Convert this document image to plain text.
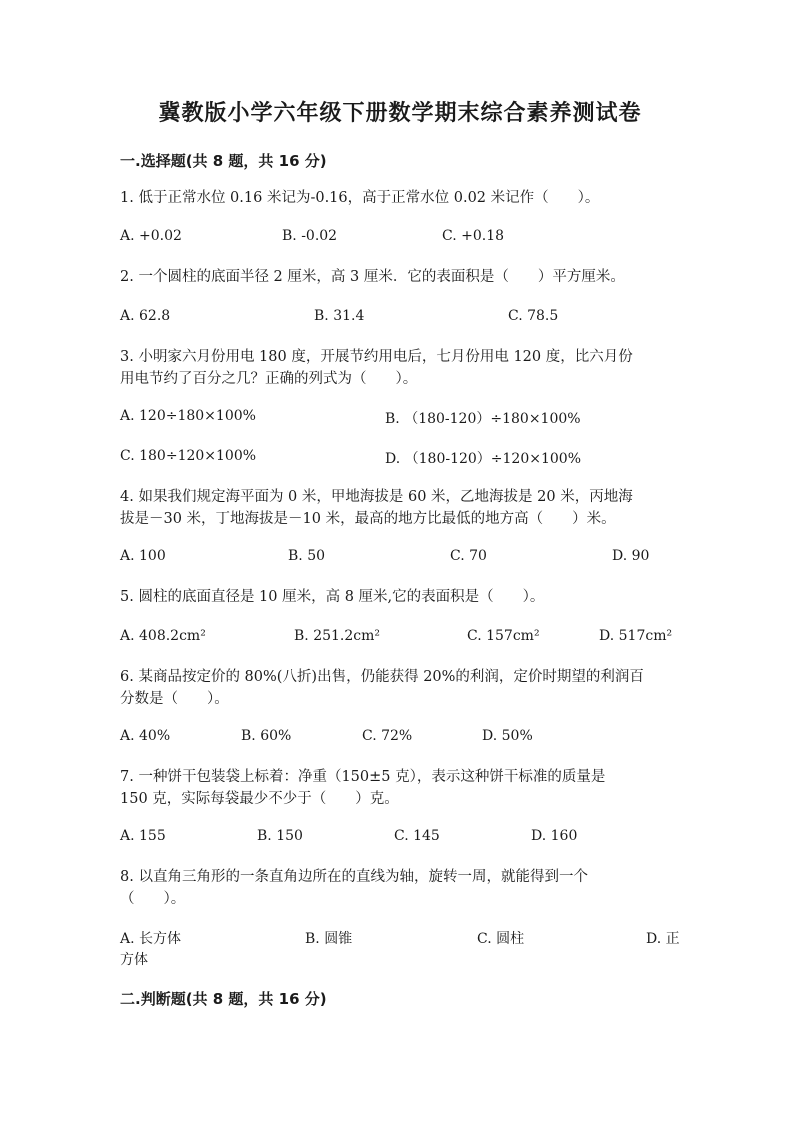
冀教版小学六年级下册数学期末综合素养测试卷
一.选择题(共 8 题，共 16 分)
1. 低于正常水位 0.16 米记为-0.16，高于正常水位 0.02 米记作（　　）。
A. +0.02	B. -0.02	C. +0.18
2. 一个圆柱的底面半径 2 厘米，高 3 厘米．它的表面积是（　　）平方厘米。
A. 62.8	B. 31.4	C. 78.5
3. 小明家六月份用电 180 度，开展节约用电后，七月份用电 120 度，比六月份
用电节约了百分之几？正确的列式为（　　）。
A. 120÷180×100%	B. （180-120）÷180×100%
C. 180÷120×100%	D. （180-120）÷120×100%
4. 如果我们规定海平面为 0 米，甲地海拔是 60 米，乙地海拔是 20 米，丙地海
拔是－30 米，丁地海拔是－10 米，最高的地方比最低的地方高（　　）米。
A. 100	B. 50	C. 70	D. 90
5. 圆柱的底面直径是 10 厘米，高 8 厘米,它的表面积是（　　）。
A. 408.2cm²	B. 251.2cm²	C. 157cm²	D. 517cm²
6. 某商品按定价的 80%(八折)出售，仍能获得 20%的利润，定价时期望的利润百
分数是（　　）。
A. 40%	B. 60%	C. 72%	D. 50%
7. 一种饼干包装袋上标着：净重（150±5 克），表示这种饼干标准的质量是
150 克，实际每袋最少不少于（　　）克。
A. 155	B. 150	C. 145	D. 160
8. 以直角三角形的一条直角边所在的直线为轴，旋转一周，就能得到一个
（　　）。
A. 长方体	B. 圆锥	C. 圆柱	D. 正
方体
二.判断题(共 8 题，共 16 分)
